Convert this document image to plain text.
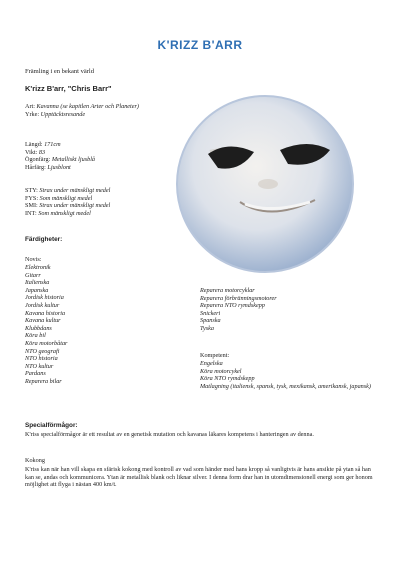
K'RIZZ B'ARR
Främling i en bekant värld
K'rizz B'arr, "Chris Barr"
Art: Kavanna (se kapitlen Arter och Planeter)
Yrke: Upptäcktsresande
Längd: 171cm
Vikt: 83
Ögonfärg: Metalliskt ljusblå
Hårfärg: Ljusblont
STY: Strax under mänskligt medel
FYS: Som mänskligt medel
SMI: Strax under mänskligt medel
INT: Som mänskligt medel
Färdigheter:
Novis:
Elektronik
Gitarr
Italienska
Japanska
Jordisk historia
Jordisk kultur
Kavana historia
Kavana kultur
Klubbdans
Köra bil
Köra motorbåtar
NTO geografi
NTO historia
NTO kultur
Pardans
Reparera bilar
Reparera motorcyklar
Reparera förbränningsmotorer
Reparera NTO rymdskepp
Snickeri
Spanska
Tyska
Kompetent:
Engelska
Köra motorcykel
Köra NTO rymdskepp
Matlagning (italiensk, spansk, tysk, mexikansk, amerikansk, japansk)
Specialförmågor:
K'riss specialförmågor är ett resultat av en genetisk mutation och kavanas läkares kompetens i hanteringen av denna.
Kokong
K'riss kan när han vill skapa en sfärisk kokong med kontroll av vad som händer med hans kropp så vanligtvis är hans ansikte på ytan så han kan se, andas och kommunicera. Ytan är metallisk blank och liknar silver. I denna form drar han in utomdimensionell energi som ger honom möjlighet att flyga i nästan 400 km/t.
